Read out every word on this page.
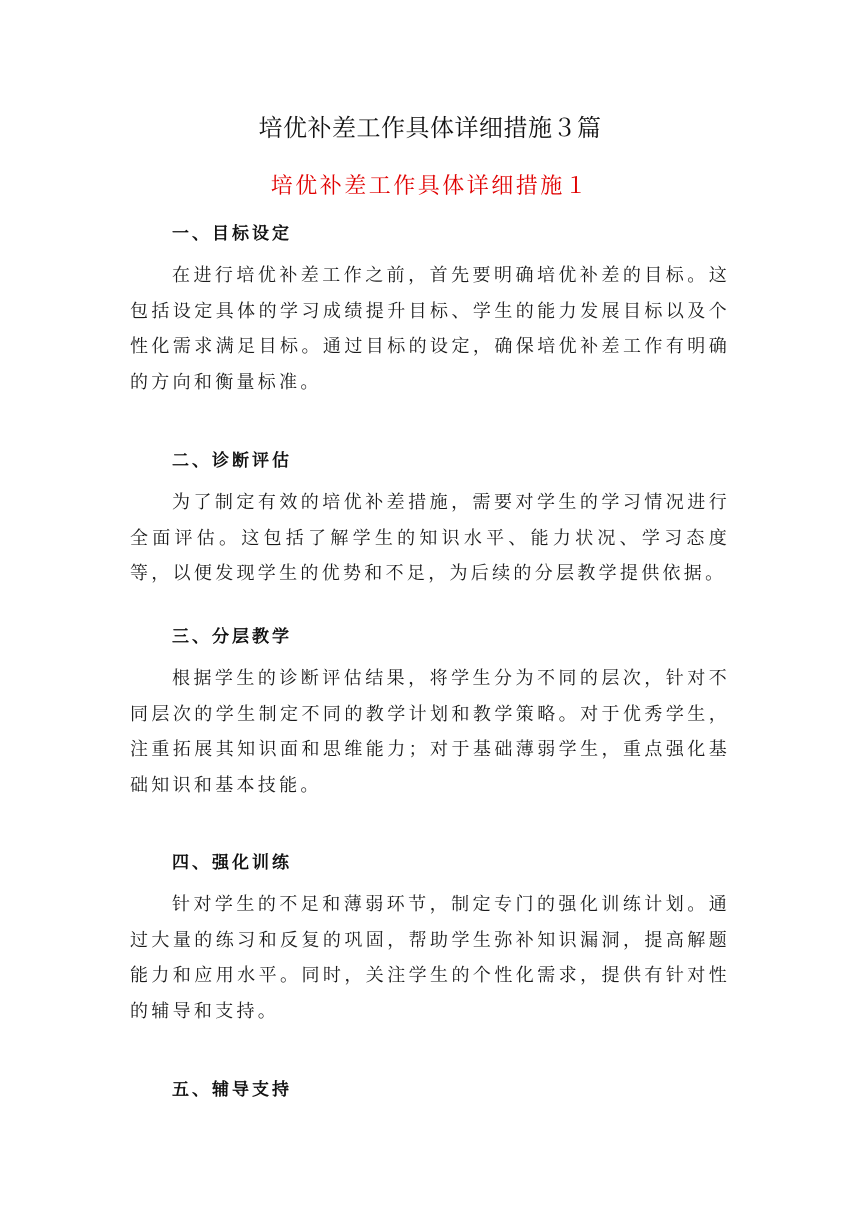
培优补差工作具体详细措施３篇
培优补差工作具体详细措施１
一、目标设定

在进行培优补差工作之前，首先要明确培优补差的目标。这包括设定具体的学习成绩提升目标、学生的能力发展目标以及个性化需求满足目标。通过目标的设定，确保培优补差工作有明确的方向和衡量标准。

二、诊断评估

为了制定有效的培优补差措施，需要对学生的学习情况进行全面评估。这包括了解学生的知识水平、能力状况、学习态度等，以便发现学生的优势和不足，为后续的分层教学提供依据。

三、分层教学

根据学生的诊断评估结果，将学生分为不同的层次，针对不同层次的学生制定不同的教学计划和教学策略。对于优秀学生，注重拓展其知识面和思维能力；对于基础薄弱学生，重点强化基础知识和基本技能。

四、强化训练

针对学生的不足和薄弱环节，制定专门的强化训练计划。通过大量的练习和反复的巩固，帮助学生弥补知识漏洞，提高解题能力和应用水平。同时，关注学生的个性化需求，提供有针对性的辅导和支持。

五、辅导支持
